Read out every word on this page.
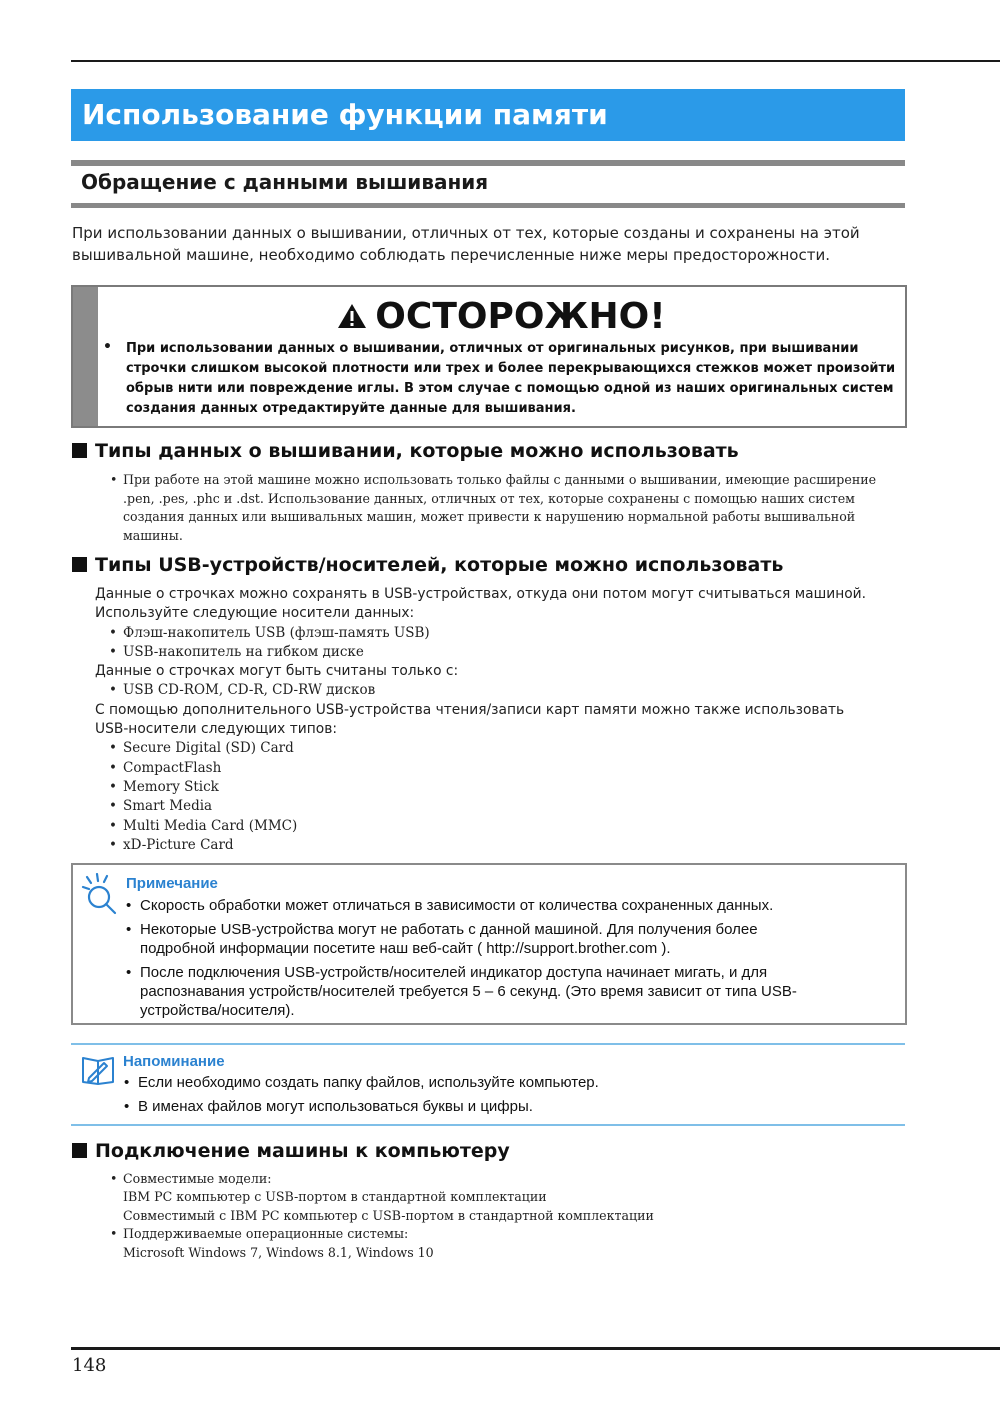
Использование функции памяти
Обращение с данными вышивания
При использовании данных о вышивании, отличных от тех, которые созданы и сохранены на этой
вышивальной машине, необходимо соблюдать перечисленные ниже меры предосторожности.
ОСТОРОЖНО!
• При использовании данных о вышивании, отличных от оригинальных рисунков, при вышивании
строчки слишком высокой плотности или трех и более перекрывающихся стежков может произойти
обрыв нити или повреждение иглы. В этом случае с помощью одной из наших оригинальных систем
создания данных отредактируйте данные для вышивания.
Типы данных о вышивании, которые можно использовать
• При работе на этой машине можно использовать только файлы с данными о вышивании, имеющие расширение
.pen, .pes, .phc и .dst. Использование данных, отличных от тех, которые сохранены с помощью наших систем
создания данных или вышивальных машин, может привести к нарушению нормальной работы вышивальной
машины.
Типы USB-устройств/носителей, которые можно использовать
Данные о строчках можно сохранять в USB-устройствах, откуда они потом могут считываться машиной.
Используйте следующие носители данных:
• Флэш-накопитель USB (флэш-память USB)
• USB-накопитель на гибком диске
Данные о строчках могут быть считаны только с:
• USB CD-ROM, CD-R, CD-RW дисков
С помощью дополнительного USB-устройства чтения/записи карт памяти можно также использовать
USB-носители следующих типов:
• Secure Digital (SD) Card
• CompactFlash
• Memory Stick
• Smart Media
• Multi Media Card (MMC)
• xD-Picture Card
Примечание
• Скорость обработки может отличаться в зависимости от количества сохраненных данных.
• Некоторые USB-устройства могут не работать с данной машиной. Для получения более
подробной информации посетите наш веб-сайт ( http://support.brother.com ).
• После подключения USB-устройств/носителей индикатор доступа начинает мигать, и для
распознавания устройств/носителей требуется 5 – 6 секунд. (Это время зависит от типа USB-
устройства/носителя).
Напоминание
• Если необходимо создать папку файлов, используйте компьютер.
• В именах файлов могут использоваться буквы и цифры.
Подключение машины к компьютеру
• Совместимые модели:
IBM PC компьютер с USB-портом в стандартной комплектации
Совместимый с IBM PC компьютер с USB-портом в стандартной комплектации
• Поддерживаемые операционные системы:
Microsoft Windows 7, Windows 8.1, Windows 10
148
